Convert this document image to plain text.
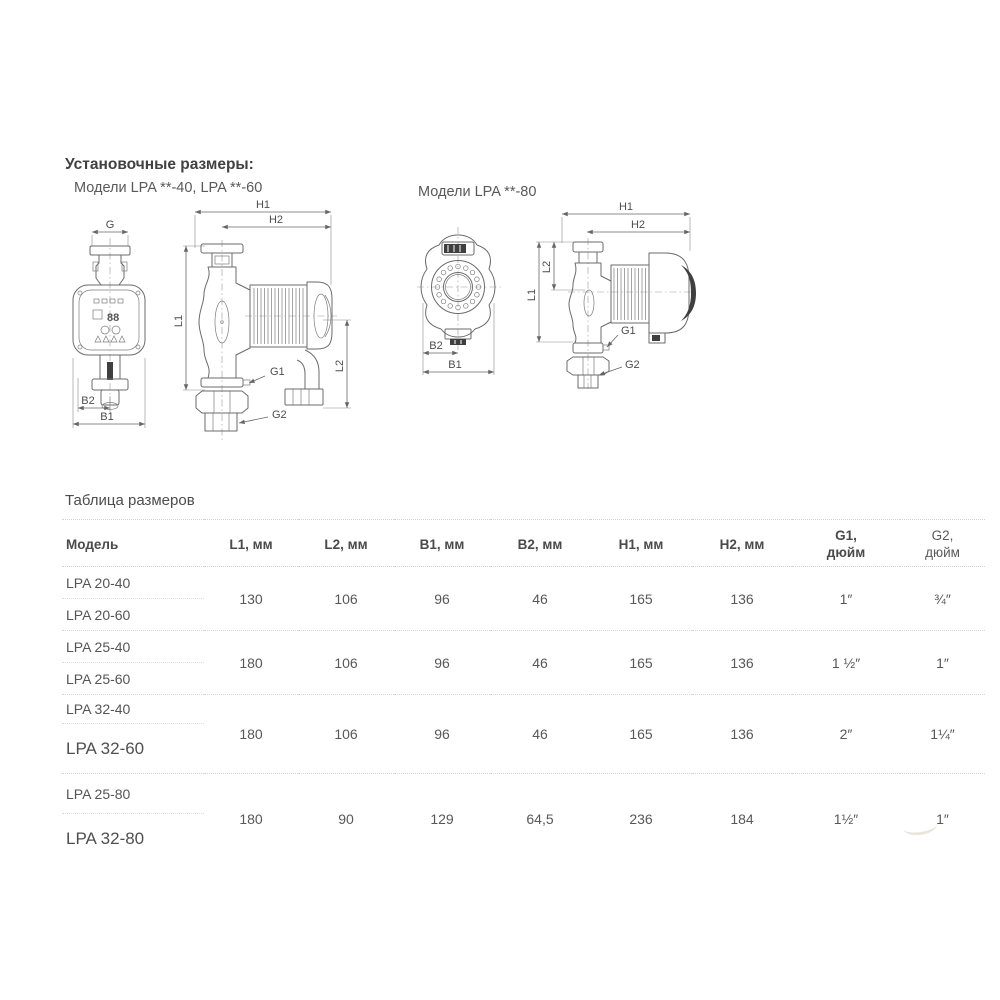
Установочные размеры:
Модели LPA **-40, LPA **-60	Модели LPA **-80
G
88
B2
B1
H1
H2
L1
L2
G1
G2
B2
B1
H1
H2
L1
L2
G1
G2
Таблица размеров
Модель	L1, мм	L2, мм	B1, мм	B2, мм	H1, мм	H2, мм	G1,
дюйм	G2,
дюйм

LPA 20-40	130	106	96	46	165	136	1″	¾″
LPA 20-60								
LPA 25-40	180	106	96	46	165	136	1 ½″	1″
LPA 25-60								
LPA 32-40	180	106	96	46	165	136	2″	1¼″
LPA 32-60								
LPA 25-80	180	90	129	64,5	236	184	1½″	1″
LPA 32-80								
